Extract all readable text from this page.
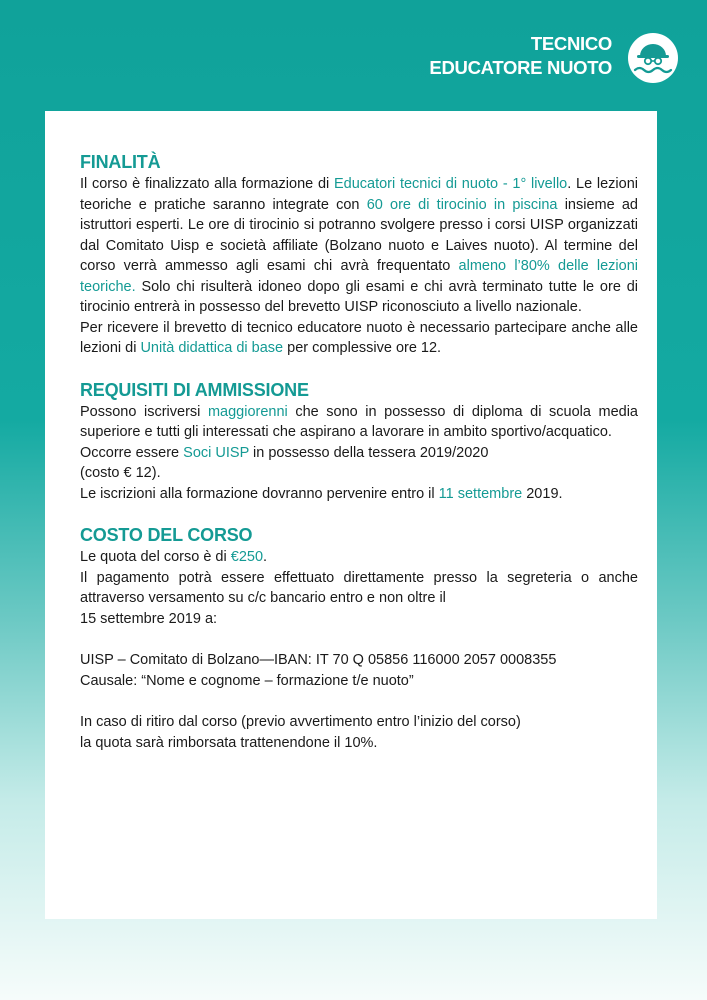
TECNICO
EDUCATORE NUOTO
FINALITÀ

Il corso è finalizzato alla formazione di Educatori tecnici di nuoto - 1° livello. Le lezioni teoriche e pratiche saranno integrate con 60 ore di tirocinio in piscina insieme ad istruttori esperti. Le ore di tirocinio si potranno svolgere presso i corsi UISP organizzati dal Comitato Uisp e società affiliate (Bolzano nuoto e Laives nuoto). Al termine del corso verrà ammesso agli esami chi avrà frequentato almeno l’80% delle lezioni teoriche. Solo chi risulterà idoneo dopo gli esami e chi avrà terminato tutte le ore di tirocinio entrerà in possesso del brevetto UISP riconosciuto a livello nazionale.

Per ricevere il brevetto di tecnico educatore nuoto è necessario partecipare anche alle lezioni di Unità didattica di base per complessive ore 12.

REQUISITI DI AMMISSIONE

Possono iscriversi maggiorenni che sono in possesso di diploma di scuola media superiore e tutti gli interessati che aspirano a lavorare in ambito sportivo/acquatico.

Occorre essere Soci UISP in possesso della tessera 2019/2020

(costo € 12).

Le iscrizioni alla formazione dovranno pervenire entro il 11 settembre 2019.

COSTO DEL CORSO

Le quota del corso è di €250.

Il pagamento potrà essere effettuato direttamente presso la segreteria o anche attraverso versamento su c/c bancario entro e non oltre il

15 settembre 2019 a:

UISP – Comitato di Bolzano—IBAN: IT 70 Q 05856 116000 2057 0008355

Causale: “Nome e cognome – formazione t/e nuoto”

In caso di ritiro dal corso (previo avvertimento entro l’inizio del corso)

la quota sarà rimborsata trattenendone il 10%.
